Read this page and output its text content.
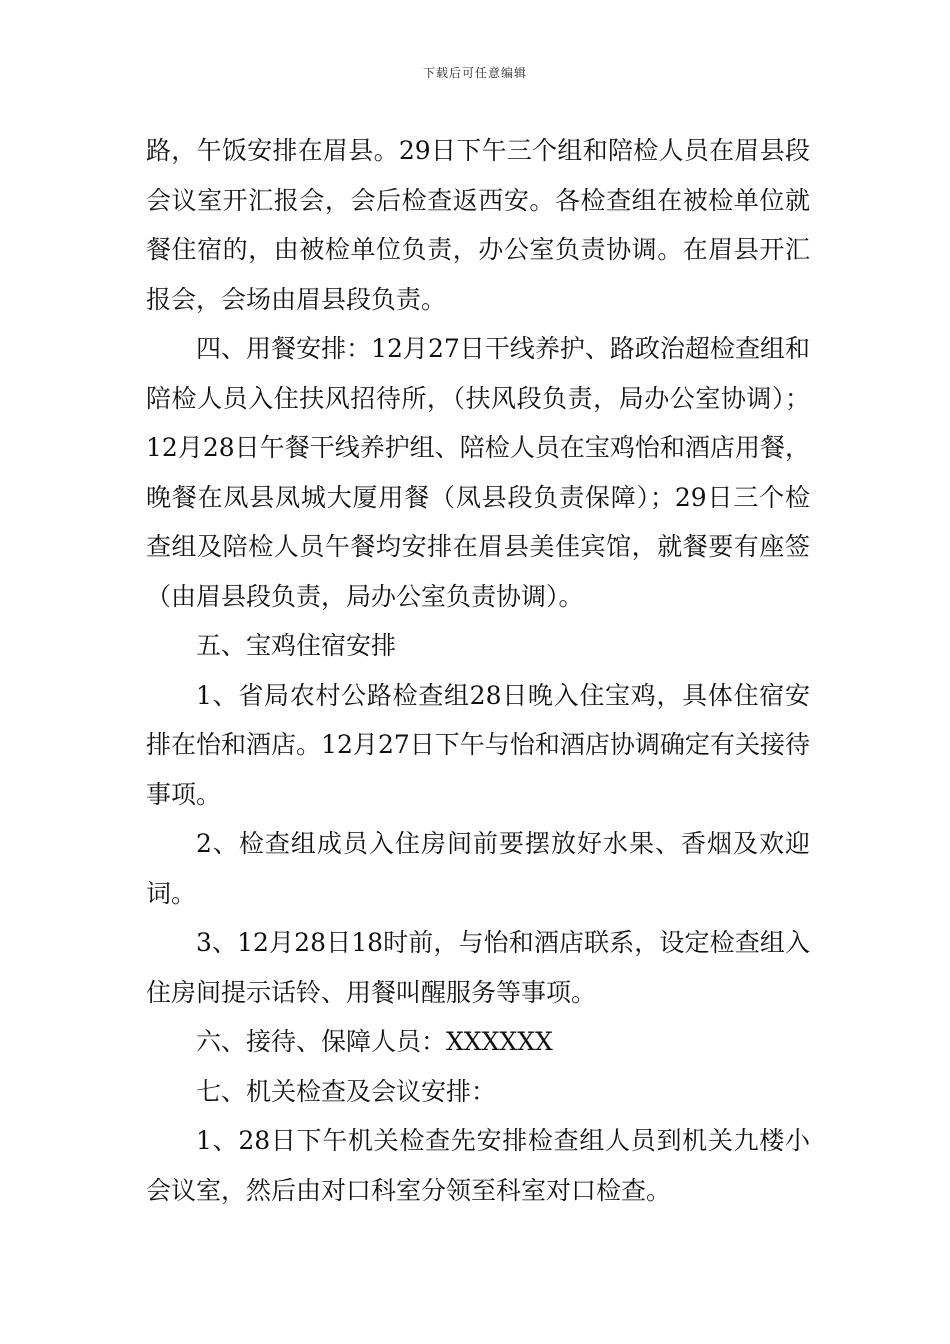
下载后可任意编辑

路，午饭安排在眉县。29日下午三个组和陪检人员在眉县段会议室开汇报会，会后检查返西安。各检查组在被检单位就餐住宿的，由被检单位负责，办公室负责协调。在眉县开汇报会，会场由眉县段负责。

四、用餐安排：12月27日干线养护、路政治超检查组和陪检人员入住扶风招待所，（扶风段负责，局办公室协调）；12月28日午餐干线养护组、陪检人员在宝鸡怡和酒店用餐，晚餐在凤县凤城大厦用餐（凤县段负责保障）；29日三个检查组及陪检人员午餐均安排在眉县美佳宾馆，就餐要有座签（由眉县段负责，局办公室负责协调）。

五、宝鸡住宿安排

1、省局农村公路检查组28日晚入住宝鸡，具体住宿安排在怡和酒店。12月27日下午与怡和酒店协调确定有关接待事项。

2、检查组成员入住房间前要摆放好水果、香烟及欢迎词。

3、12月28日18时前，与怡和酒店联系，设定检查组入住房间提示话铃、用餐叫醒服务等事项。

六、接待、保障人员：XXXXXX

七、机关检查及会议安排：

1、28日下午机关检查先安排检查组人员到机关九楼小会议室，然后由对口科室分领至科室对口检查。
